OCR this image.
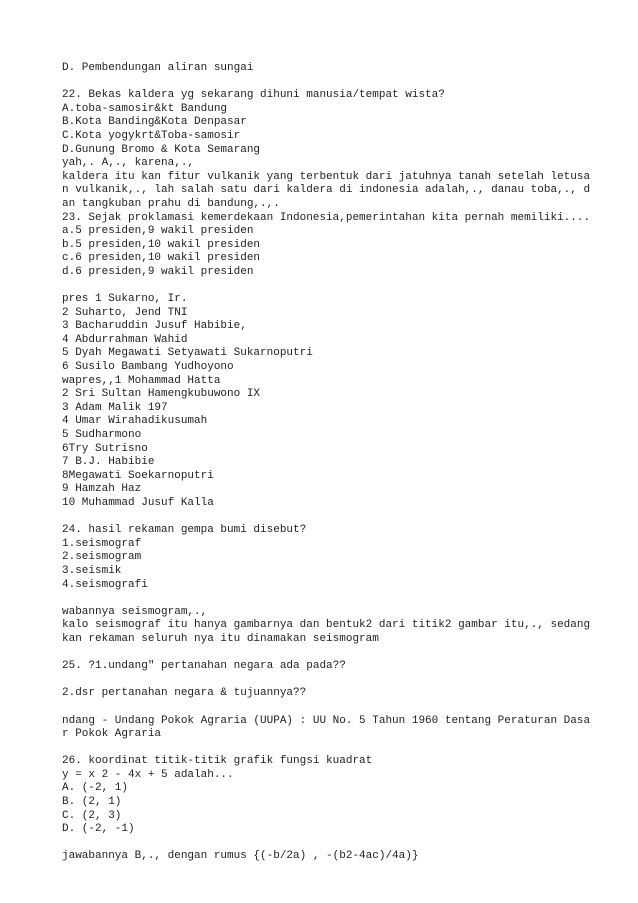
D. Pembendungan aliran sungai
22. Bekas kaldera yg sekarang dihuni manusia/tempat wista?
A.toba-samosir&kt Bandung
B.Kota Banding&Kota Denpasar
C.Kota yogykrt&Toba-samosir
D.Gunung Bromo & Kota Semarang
yah,. A,., karena,.,
kaldera itu kan fitur vulkanik yang terbentuk dari jatuhnya tanah setelah letusa
n vulkanik,., lah salah satu dari kaldera di indonesia adalah,., danau toba,., d
an tangkuban prahu di bandung,.,.
23. Sejak proklamasi kemerdekaan Indonesia,pemerintahan kita pernah memiliki....
a.5 presiden,9 wakil presiden
b.5 presiden,10 wakil presiden
c.6 presiden,10 wakil presiden
d.6 presiden,9 wakil presiden
pres 1 Sukarno, Ir.
2 Suharto, Jend TNI
3 Bacharuddin Jusuf Habibie,
4 Abdurrahman Wahid
5 Dyah Megawati Setyawati Sukarnoputri
6 Susilo Bambang Yudhoyono
wapres,,1 Mohammad Hatta
2 Sri Sultan Hamengkubuwono IX
3 Adam Malik 197
4 Umar Wirahadikusumah
5 Sudharmono
6Try Sutrisno
7 B.J. Habibie
8Megawati Soekarnoputri
9 Hamzah Haz
10 Muhammad Jusuf Kalla
24. hasil rekaman gempa bumi disebut?
1.seismograf
2.seismogram
3.seismik
4.seismografi
wabannya seismogram,.,
kalo seismograf itu hanya gambarnya dan bentuk2 dari titik2 gambar itu,., sedang
kan rekaman seluruh nya itu dinamakan seismogram
25. ?1.undang" pertanahan negara ada pada??
2.dsr pertanahan negara & tujuannya??
ndang - Undang Pokok Agraria (UUPA) : UU No. 5 Tahun 1960 tentang Peraturan Dasa
r Pokok Agraria
26. koordinat titik-titik grafik fungsi kuadrat
y = x 2 - 4x + 5 adalah...
A. (-2, 1)
B. (2, 1)
C. (2, 3)
D. (-2, -1)
jawabannya B,., dengan rumus {(-b/2a) , -(b2-4ac)/4a)}
